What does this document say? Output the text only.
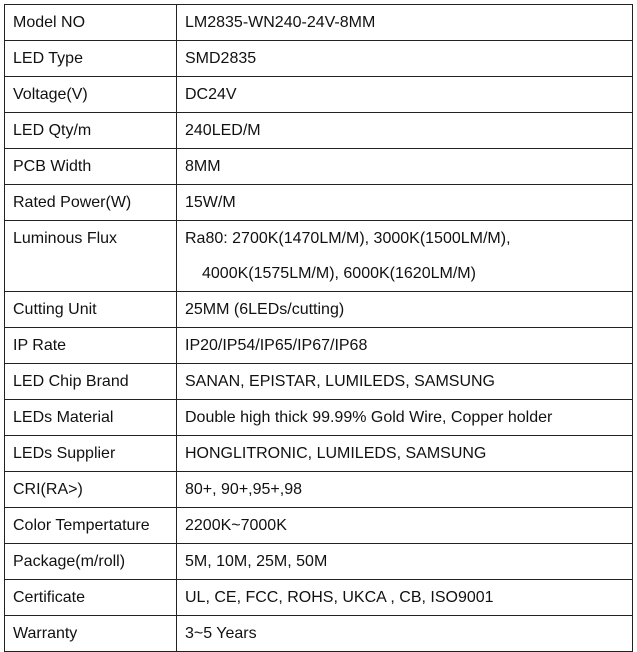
Model NO	LM2835-WN240-24V-8MM
LED Type	SMD2835
Voltage(V)	DC24V
LED Qty/m	240LED/M
PCB Width	8MM
Rated Power(W)	15W/M
Luminous Flux	Ra80: 2700K(1470LM/M), 3000K(1500LM/M),
4000K(1575LM/M), 6000K(1620LM/M)

Cutting Unit	25MM (6LEDs/cutting)
IP Rate	IP20/IP54/IP65/IP67/IP68
LED Chip Brand	SANAN, EPISTAR, LUMILEDS, SAMSUNG
LEDs Material	Double high thick 99.99% Gold Wire, Copper holder
LEDs Supplier	HONGLITRONIC, LUMILEDS, SAMSUNG
CRI(RA>)	80+, 90+,95+,98
Color Tempertature	2200K~7000K
Package(m/roll)	5M, 10M, 25M, 50M
Certificate	UL, CE, FCC, ROHS, UKCA , CB, ISO9001
Warranty	3~5 Years
